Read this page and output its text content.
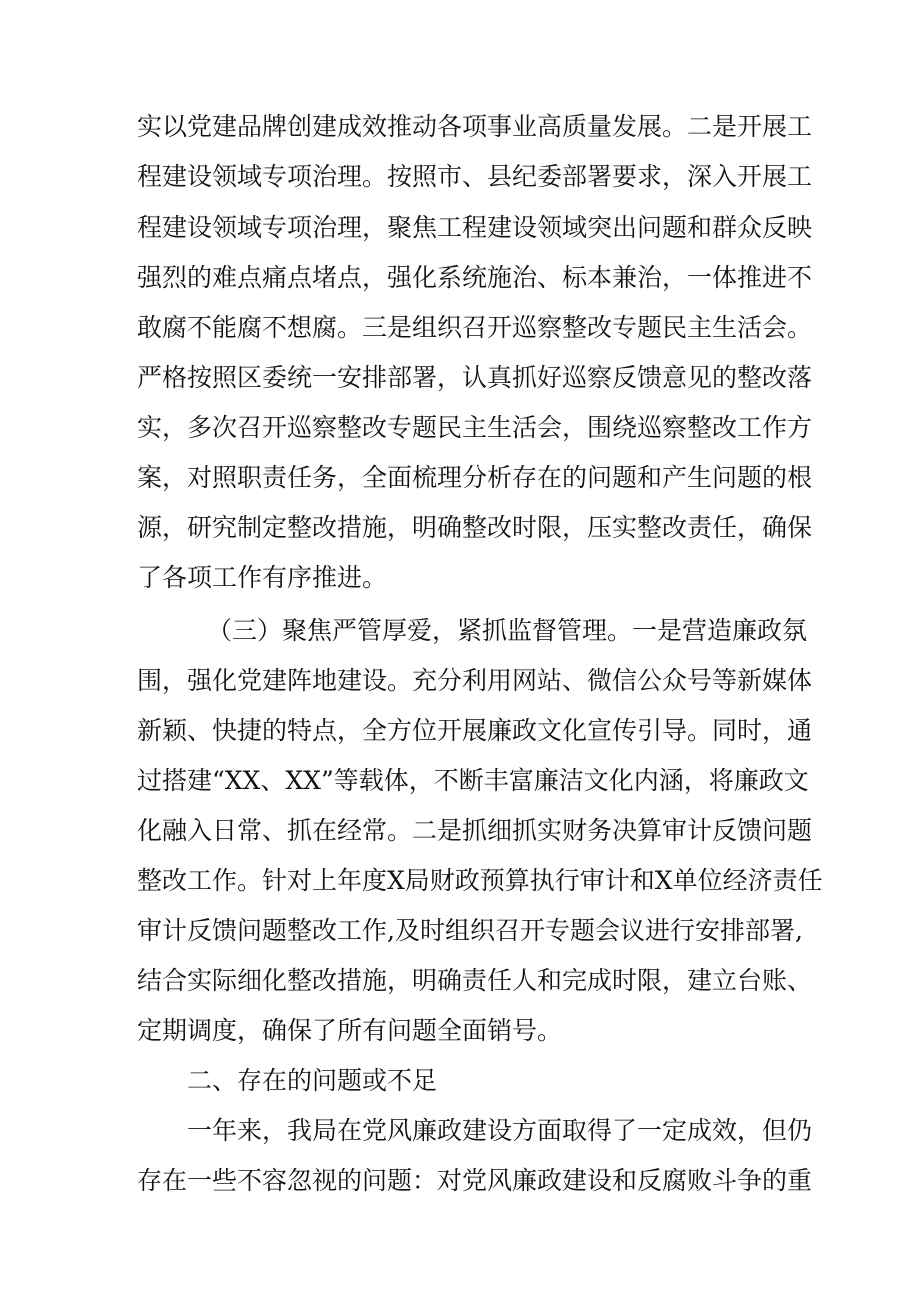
实以党建品牌创建成效推动各项事业高质量发展。二是开展工
程建设领域专项治理。按照市、县纪委部署要求，深入开展工
程建设领域专项治理，聚焦工程建设领域突出问题和群众反映
强烈的难点痛点堵点，强化系统施治、标本兼治，一体推进不
敢腐不能腐不想腐。三是组织召开巡察整改专题民主生活会。
严格按照区委统一安排部署，认真抓好巡察反馈意见的整改落
实，多次召开巡察整改专题民主生活会，围绕巡察整改工作方
案，对照职责任务，全面梳理分析存在的问题和产生问题的根
源，研究制定整改措施，明确整改时限，压实整改责任，确保
了各项工作有序推进。
（三）聚焦严管厚爱，紧抓监督管理。一是营造廉政氛
围，强化党建阵地建设。充分利用网站、微信公众号等新媒体
新颖、快捷的特点，全方位开展廉政文化宣传引导。同时，通
过搭建“XX、XX”等载体，不断丰富廉洁文化内涵，将廉政文
化融入日常、抓在经常。二是抓细抓实财务决算审计反馈问题
整改工作。针对上年度X局财政预算执行审计和X单位经济责任
审计反馈问题整改工作,及时组织召开专题会议进行安排部署,
结合实际细化整改措施，明确责任人和完成时限，建立台账、
定期调度，确保了所有问题全面销号。
二、存在的问题或不足
一年来，我局在党风廉政建设方面取得了一定成效，但仍
存在一些不容忽视的问题：对党风廉政建设和反腐败斗争的重
